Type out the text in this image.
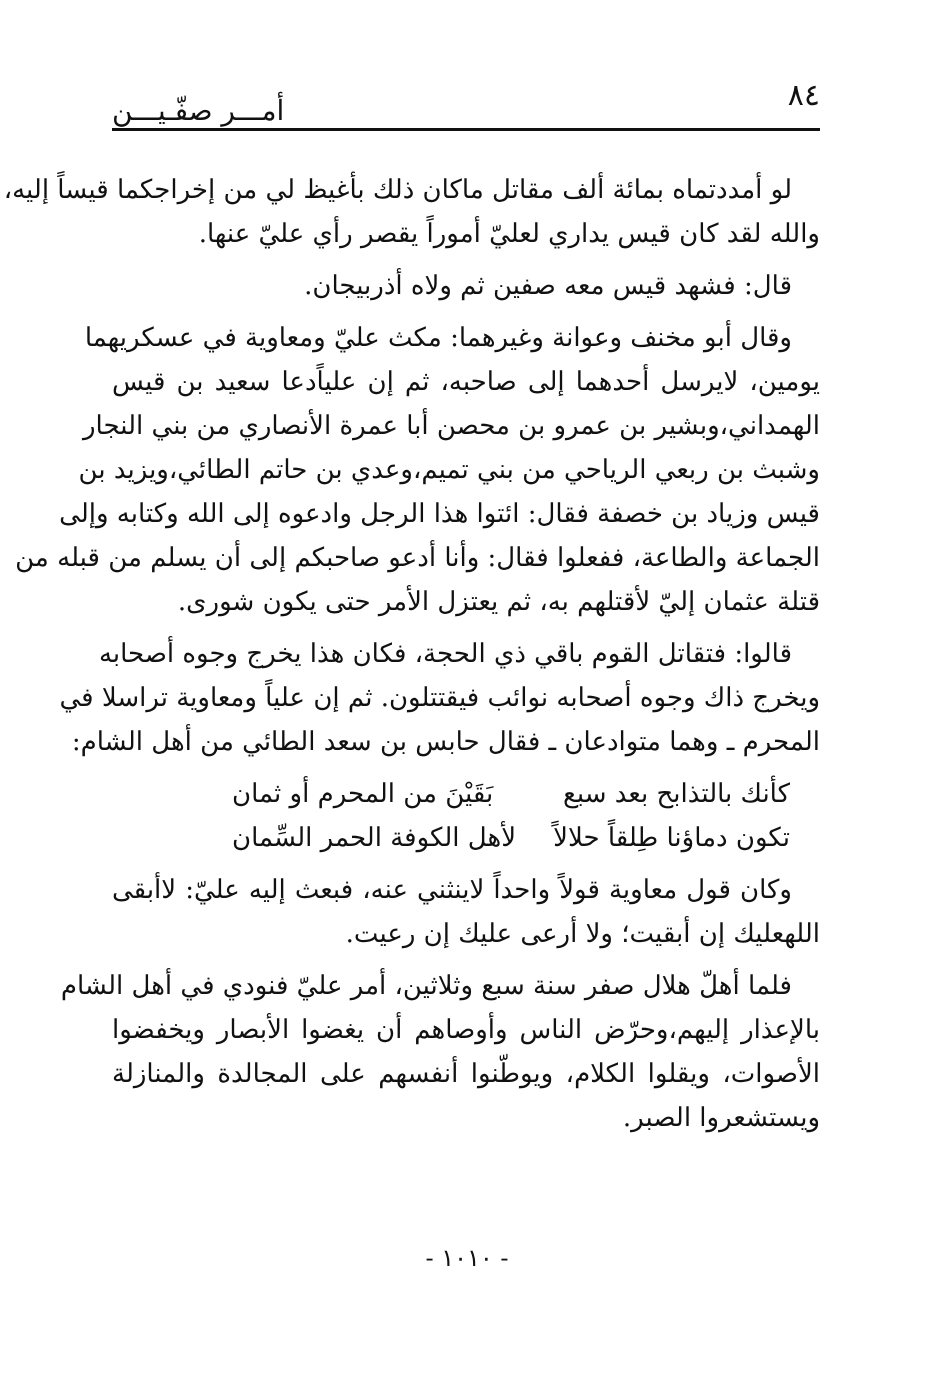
٨٤
أمـــر صفّـيـــن
لو أمددتماه بمائة ألف مقاتل ماكان ذلك بأغيظ لي من إخراجكما قيساً إليه،
والله لقد كان قيس يداري لعليّ أموراً يقصر رأي عليّ عنها.
قال: فشهد قيس معه صفين ثم ولاه أذربيجان.
وقال أبو مخنف وعوانة وغيرهما: مكث عليّ ومعاوية في عسكريهما
يومين، لايرسل أحدهما إلى صاحبه، ثم إن علياًدعا سعيد بن قيس
الهمداني،وبشير بن عمرو بن محصن أبا عمرة الأنصاري من بني النجار
وشبث بن ربعي الرياحي من بني تميم،وعدي بن حاتم الطائي،ويزيد بن
قيس وزياد بن خصفة فقال: ائتوا هذا الرجل وادعوه إلى الله وكتابه وإلى
الجماعة والطاعة، ففعلوا فقال: وأنا أدعو صاحبكم إلى أن يسلم من قبله من
قتلة عثمان إليّ لأقتلهم به، ثم يعتزل الأمر حتى يكون شورى.
قالوا: فتقاتل القوم باقي ذي الحجة، فكان هذا يخرج وجوه أصحابه
ويخرج ذاك وجوه أصحابه نوائب فيقتتلون. ثم إن علياً ومعاوية تراسلا في
المحرم ـ وهما متوادعان ـ فقال حابس بن سعد الطائي من أهل الشام:
كأنك بالتذابح بعد سبع
بَقَيْنَ من المحرم أو ثمان
تكون دماؤنا طِلقاً حلالاً
لأهل الكوفة الحمر السِّمان
وكان قول معاوية قولاً واحداً لاينثني عنه، فبعث إليه عليّ: لاأبقى
اللهعليك إن أبقيت؛ ولا أرعى عليك إن رعيت.
فلما أهلّ هلال صفر سنة سبع وثلاثين، أمر عليّ فنودي في أهل الشام
بالإعذار إليهم،وحرّض الناس وأوصاهم أن يغضوا الأبصار ويخفضوا
الأصوات، ويقلوا الكلام، ويوطّنوا أنفسهم على المجالدة والمنازلة
ويستشعروا الصبر.
- ١٠١٠ -
